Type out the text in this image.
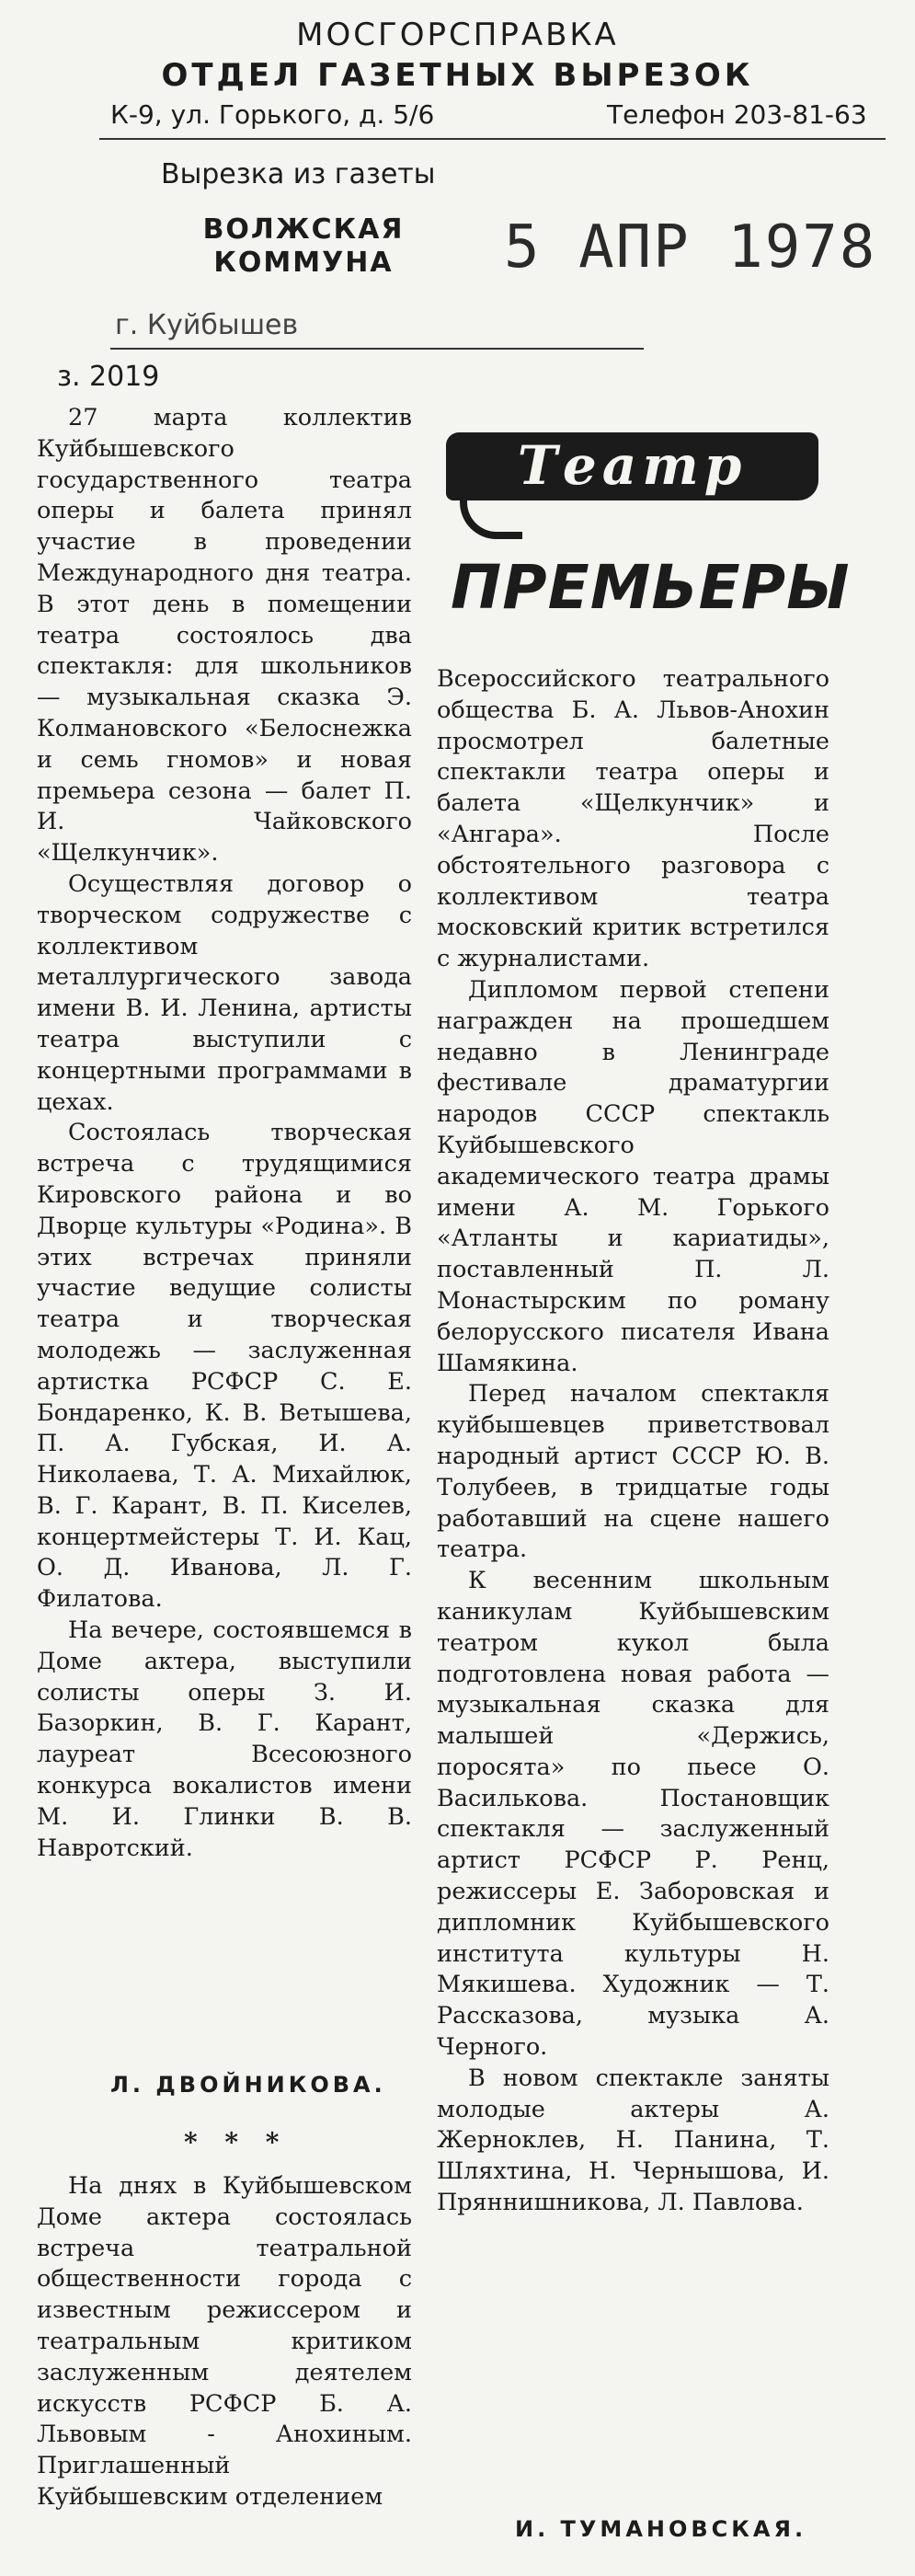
МОСГОРСПРАВКА
ОТДЕЛ ГАЗЕТНЫХ ВЫРЕЗОК
К-9, ул. Горького, д. 5/6	Телефон 203-81-63
Вырезка из газеты
ВОЛЖСКАЯ
КОММУНА	5 АПР 1978
г. Куйбышев
з. 2019

27 марта коллектив Куйбышевского государственного театра оперы и балета принял участие в проведении Международного дня театра. В этот день в помещении театра состоялось два спектакля: для школьников — музыкальная сказка Э. Колмановского «Белоснежка и семь гномов» и новая премьера сезона — балет П. И. Чайковского «Щелкунчик».

Осуществляя договор о творческом содружестве с коллективом металлургического завода имени В. И. Ленина, артисты театра выступили с концертными программами в цехах.

Состоялась творческая встреча с трудящимися Кировского района и во Дворце культуры «Родина». В этих встречах приняли участие ведущие солисты театра и творческая молодежь — заслуженная артистка РСФСР С. Е. Бондаренко, К. В. Ветышева, П. А. Губская, И. А. Николаева, Т. А. Михайлюк, В. Г. Карант, В. П. Киселев, концертмейстеры Т. И. Кац, О. Д. Иванова, Л. Г. Филатова.

На вечере, состоявшемся в Доме актера, выступили солисты оперы З. И. Базоркин, В. Г. Карант, лауреат Всесоюзного конкурса вокалистов имени М. И. Глинки В. В. Навротский.

Л. ДВОЙНИКОВА.
* * *

На днях в Куйбышевском Доме актера состоялась встреча театральной общественности города с известным режиссером и театральным критиком заслуженным деятелем искусств РСФСР Б. А. Львовым - Анохиным. Приглашенный Куйбышевским отделением

Театр
ПРЕМЬЕРЫ

Всероссийского театрального общества Б. А. Львов-Анохин просмотрел балетные спектакли театра оперы и балета «Щелкунчик» и «Ангара». После обстоятельного разговора с коллективом театра московский критик встретился с журналистами.

Дипломом первой степени награжден на прошедшем недавно в Ленинграде фестивале драматургии народов СССР спектакль Куйбышевского академического театра драмы имени А. М. Горького «Атланты и кариатиды», поставленный П. Л. Монастырским по роману белорусского писателя Ивана Шамякина.

Перед началом спектакля куйбышевцев приветствовал народный артист СССР Ю. В. Толубеев, в тридцатые годы работавший на сцене нашего театра.

К весенним школьным каникулам Куйбышевским театром кукол была подготовлена новая работа — музыкальная сказка для малышей «Держись, поросята» по пьесе О. Васильковa. Постановщик спектакля — заслуженный артист РСФСР Р. Ренц, режиссеры Е. Заборовская и дипломник Куйбышевского института культуры Н. Мякишева. Художник — Т. Рассказова, музыка А. Черного.

В новом спектакле заняты молодые актеры А. Жерноклев, Н. Панина, Т. Шляхтина, Н. Чернышова, И. Пряннишникова, Л. Павлова.

И. ТУМАНОВСКАЯ.
